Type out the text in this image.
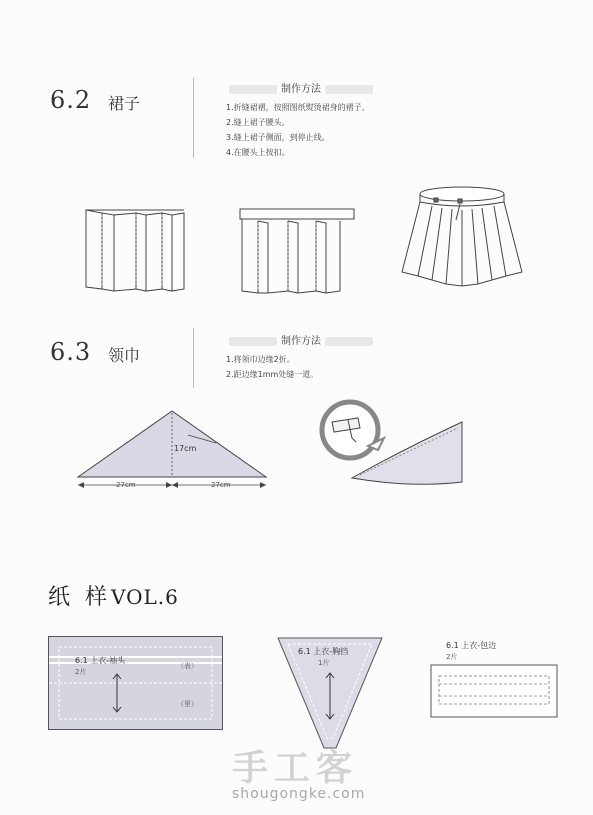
6.2 裙子
制作方法
1.折缝裙褶，按照图纸熨烫裙身的褶子。
2.缝上裙子腰头。
3.缝上裙子侧面，到停止线。
4.在腰头上按扣。
6.3 领巾
制作方法
1.将领巾边缘2折。
2.距边缘1mm处缝一道。
17cm
27cm	27cm
纸 样VOL.6
6.1 上衣-袖头
2片
（表）
（里）
6.1 上衣-胸挡
1片
6.1 上衣-包边
2片
手工客
shougongke.com
